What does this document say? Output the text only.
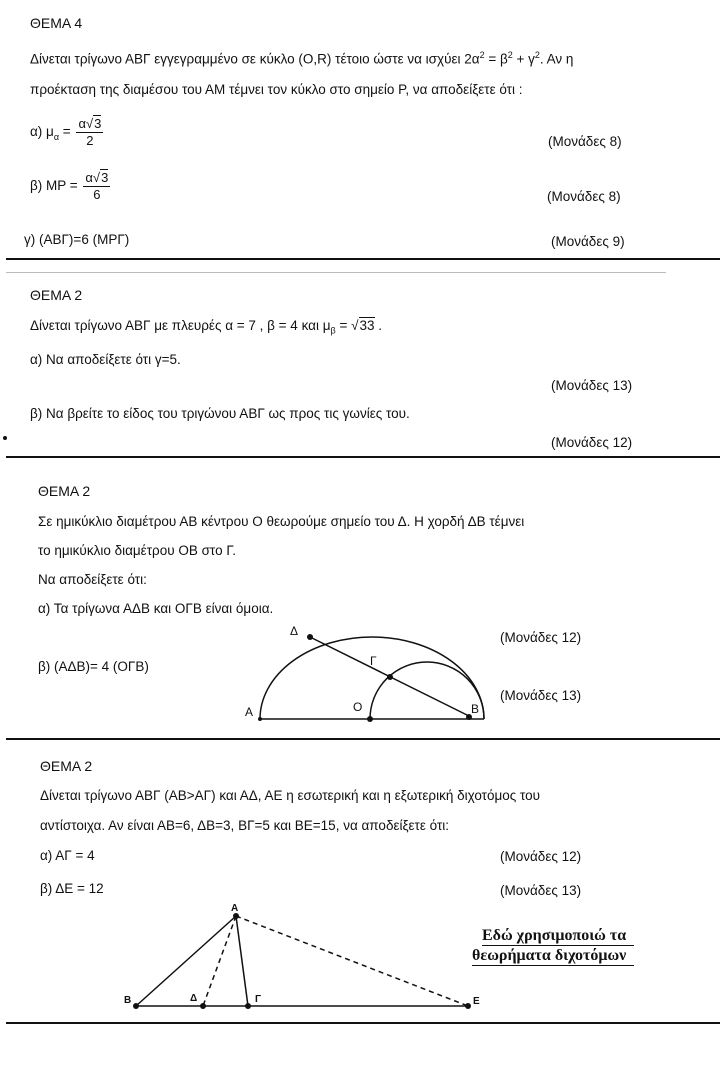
ΘΕΜΑ 4
Δίνεται τρίγωνο ΑΒΓ εγγεγραμμένο σε κύκλο (Ο,R) τέτοιο ώστε να ισχύει $2\alpha^2 = \beta^2 + \gamma^2$. Αν η
προέκταση της διαμέσου του ΑΜ τέμνει τον κύκλο στο σημείο Ρ, να αποδείξετε ότι :
α) $\mu_\alpha = \frac{\alpha√3}{2}$	(Μονάδες 8)
β) $MP = \frac{\alpha√3}{6}$	(Μονάδες 8)
γ) (ΑΒΓ)=6 (ΜΡΓ)	(Μονάδες 9)
ΘΕΜΑ 2
Δίνεται τρίγωνο ΑΒΓ με πλευρές α = 7 , β = 4 και $\mu_\beta = √33$ .
α) Να αποδείξετε ότι γ=5.
(Μονάδες 13)
β) Να βρείτε το είδος του τριγώνου ΑΒΓ ως προς τις γωνίες του.
(Μονάδες 12)
ΘΕΜΑ 2
Σε ημικύκλιο διαμέτρου ΑΒ κέντρου Ο θεωρούμε σημείο του Δ. Η χορδή ΔΒ τέμνει
το ημικύκλιο διαμέτρου ΟΒ στο Γ.
Να αποδείξετε ότι:
α) Τα τρίγωνα ΑΔΒ και ΟΓΒ είναι όμοια.
(Μονάδες 12)
β) (ΑΔΒ)= 4 (ΟΓΒ)
(Μονάδες 13)
Α	Β
Ο
Δ
Γ
ΘΕΜΑ 2
Δίνεται τρίγωνο ΑΒΓ (ΑΒ>ΑΓ) και ΑΔ, ΑΕ η εσωτερική και η εξωτερική διχοτόμος του
αντίστοιχα. Αν είναι ΑΒ=6, ΔΒ=3, ΒΓ=5 και ΒΕ=15, να αποδείξετε ότι:
α) ΑΓ = 4	(Μονάδες 12)
β) ΔΕ = 12	(Μονάδες 13)
Εδώ χρησιμοποιώ τα
θεωρήματα διχοτόμων
Α
Β	Δ	Γ	Ε
